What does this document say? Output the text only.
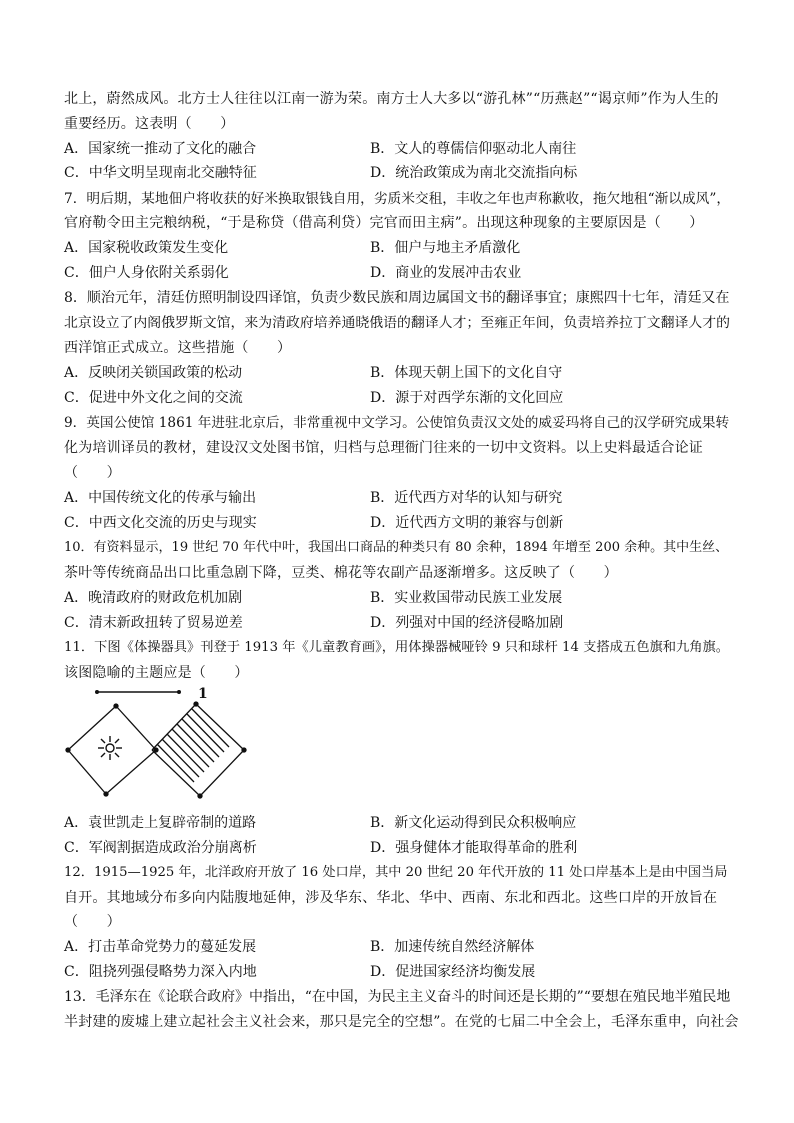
北上，蔚然成风。北方士人往往以江南一游为荣。南方士人大多以“游孔林”“历燕赵”“谒京师”作为人生的
重要经历。这表明（　　）
A．国家统一推动了文化的融合	B．文人的尊儒信仰驱动北人南往
C．中华文明呈现南北交融特征	D．统治政策成为南北交流指向标
7．明后期，某地佃户将收获的好米换取银钱自用，劣质米交租，丰收之年也声称歉收，拖欠地租“渐以成风”，
官府勒令田主完粮纳税，“于是称贷（借高利贷）完官而田主病”。出现这种现象的主要原因是（　　）
A．国家税收政策发生变化	B．佃户与地主矛盾激化
C．佃户人身依附关系弱化	D．商业的发展冲击农业
8．顺治元年，清廷仿照明制设四译馆，负责少数民族和周边属国文书的翻译事宜；康熙四十七年，清廷又在
北京设立了内阁俄罗斯文馆，来为清政府培养通晓俄语的翻译人才；至雍正年间，负责培养拉丁文翻译人才的
西洋馆正式成立。这些措施（　　）
A．反映闭关锁国政策的松动	B．体现天朝上国下的文化自守
C．促进中外文化之间的交流	D．源于对西学东渐的文化回应
9．英国公使馆 1861 年进驻北京后，非常重视中文学习。公使馆负责汉文处的威妥玛将自己的汉学研究成果转
化为培训译员的教材，建设汉文处图书馆，归档与总理衙门往来的一切中文资料。以上史料最适合论证
（　　）
A．中国传统文化的传承与输出	B．近代西方对华的认知与研究
C．中西文化交流的历史与现实	D．近代西方文明的兼容与创新
10．有资料显示，19 世纪 70 年代中叶，我国出口商品的种类只有 80 余种，1894 年增至 200 余种。其中生丝、
茶叶等传统商品出口比重急剧下降，豆类、棉花等农副产品逐渐增多。这反映了（　　）
A．晚清政府的财政危机加剧	B．实业救国带动民族工业发展
C．清末新政扭转了贸易逆差	D．列强对中国的经济侵略加剧
11．下图《体操器具》刊登于 1913 年《儿童教育画》，用体操器械哑铃 9 只和球杆 14 支搭成五色旗和九角旗。
该图隐喻的主题应是（　　）
1
A．袁世凯走上复辟帝制的道路	B．新文化运动得到民众积极响应
C．军阀割据造成政治分崩离析	D．强身健体才能取得革命的胜利
12．1915—1925 年，北洋政府开放了 16 处口岸，其中 20 世纪 20 年代开放的 11 处口岸基本上是由中国当局
自开。其地域分布多向内陆腹地延伸，涉及华东、华北、华中、西南、东北和西北。这些口岸的开放旨在
（　　）
A．打击革命党势力的蔓延发展	B．加速传统自然经济解体
C．阻挠列强侵略势力深入内地	D．促进国家经济均衡发展
13．毛泽东在《论联合政府》中指出，“在中国，为民主主义奋斗的时间还是长期的”“要想在殖民地半殖民地
半封建的废墟上建立起社会主义社会来，那只是完全的空想”。在党的七届二中全会上，毛泽东重申，向社会
